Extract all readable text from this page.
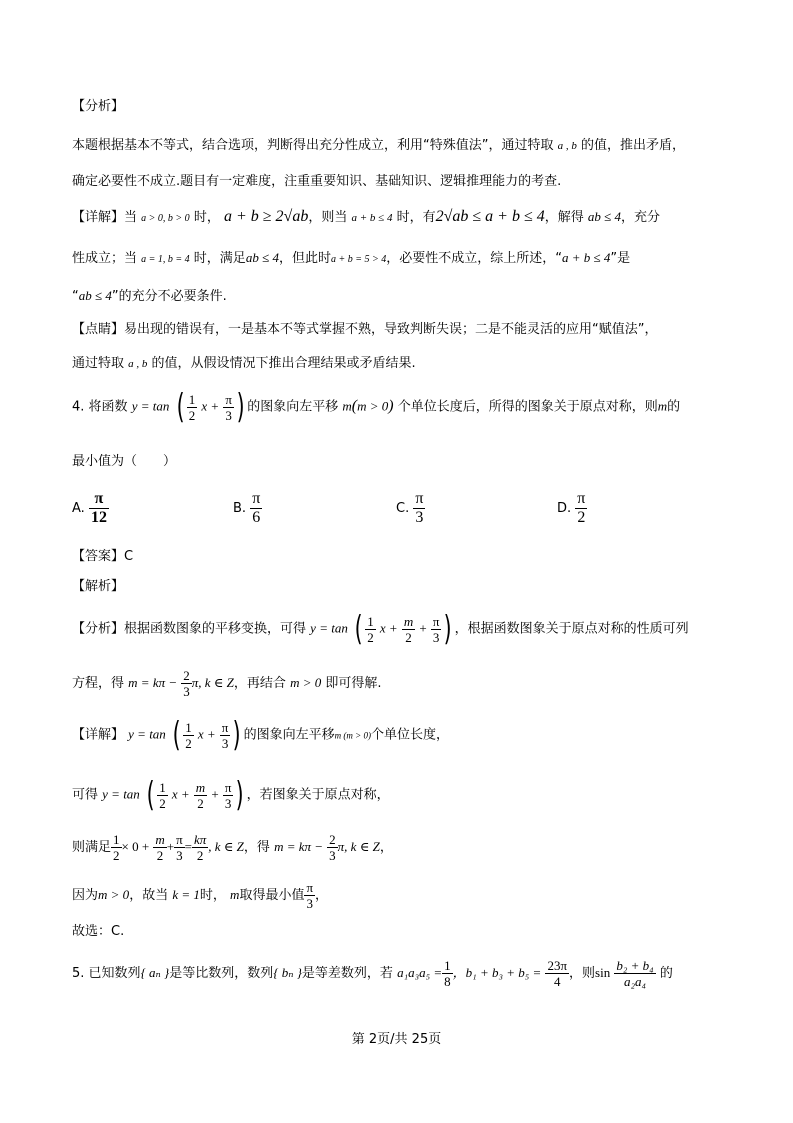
【分析】
本题根据基本不等式，结合选项，判断得出充分性成立，利用“特殊值法”，通过特取 a , b 的值，推出矛盾，
确定必要性不成立.题目有一定难度，注重重要知识、基础知识、逻辑推理能力的考查.
【详解】当 a > 0, b > 0 时， a + b ≥ 2√ab，则当 a + b ≤ 4 时，有2√ab ≤ a + b ≤ 4，解得 ab ≤ 4，充分
性成立；当 a = 1, b = 4 时，满足ab ≤ 4，但此时a + b = 5 > 4，必要性不成立，综上所述，“a + b ≤ 4”是
“ab ≤ 4”的充分不必要条件.
【点睛】易出现的错误有，一是基本不等式掌握不熟，导致判断失误；二是不能灵活的应用“赋值法”，
通过特取 a , b 的值，从假设情况下推出合理结果或矛盾结果.
4. 将函数 y = tan ( $\frac{1}{2}$ $x + \frac{\pi}{3}$ ) 的图象向左平移 m(m > 0) 个单位长度后，所得的图象关于原点对称，则m的
最小值为（　　）
A. $\frac{\pi}{12}$	B. $\frac{\pi}{6}$	C. $\frac{\pi}{3}$	D. $\frac{\pi}{2}$
【答案】C
【解析】
【分析】根据函数图象的平移变换，可得 y = tan ( $\frac{1}{2}$ $x + \frac{m}{2} + \frac{\pi}{3}$ ) ，根据函数图象关于原点对称的性质可列
方程，得 $m = k\pi - \frac{2}{3} \pi$, k ∈ Z，再结合 m > 0 即可得解.
【详解】 y = tan ( $\frac{1}{2}$ $x + \frac{\pi}{3}$ ) 的图象向左平移m (m > 0)个单位长度，
可得 y = tan ( $\frac{1}{2}$ $x + \frac{m}{2} + \frac{\pi}{3}$ ) ，若图象关于原点对称，
则满足 $\frac{1}{2} \times 0 + \frac{m}{2} + \frac{\pi}{3} = \frac{k\pi}{2}$ , k ∈ Z，得 $m = k\pi - \frac{2}{3} \pi$, k ∈ Z，
因为m > 0，故当 k = 1时， m取得最小值 $\frac{\pi}{3}$ ，
故选：C.
5. 已知数列{ aₙ }是等比数列，数列{ bₙ }是等差数列，若 $a_1a_3a_5 = \frac{1}{8}$ ，$b_1 + b_3 + b_5 = \frac{23\pi}{4}$ ，则$\sin \frac{\text{b₂ + b₄}}{\text{a₂a₄}}$ 的
第 2页/共 25页
